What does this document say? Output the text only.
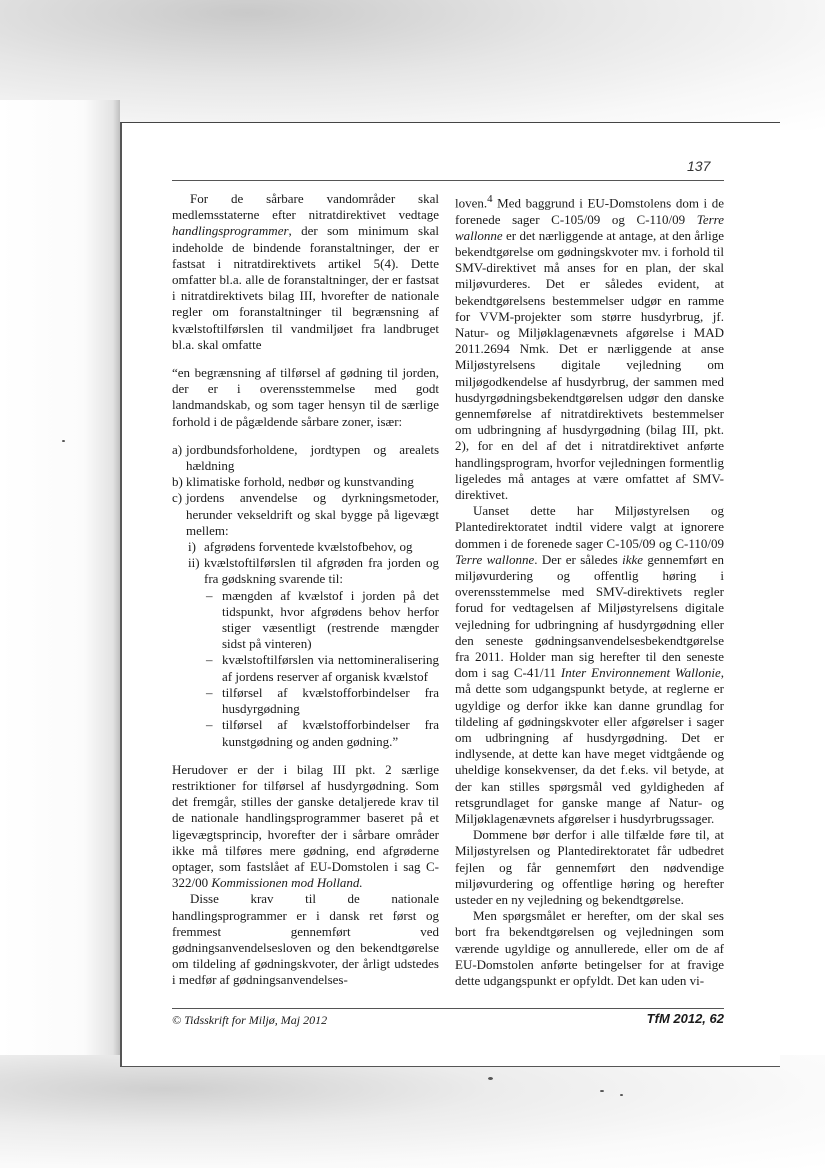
137

For de sårbare vandområder skal medlemsstaterne efter nitratdirektivet vedtage handlingsprogrammer, der som minimum skal indeholde de bindende foranstaltninger, der er fastsat i nitratdirektivets artikel 5(4). Dette omfatter bl.a. alle de foranstaltninger, der er fastsat i nitratdirektivets bilag III, hvorefter de nationale regler om foranstaltninger til begrænsning af kvælstoftilførslen til vandmiljøet fra landbruget bl.a. skal omfatte

“en begrænsning af tilførsel af gødning til jorden, der er i overensstemmelse med godt landmandskab, og som tager hensyn til de særlige forhold i de pågældende sårbare zoner, især:

a) jordbundsforholdene, jordtypen og arealets hældning
b) klimatiske forhold, nedbør og kunstvanding
c) jordens anvendelse og dyrkningsmetoder, herunder vekseldrift og skal bygge på ligevægt mellem:
i) afgrødens forventede kvælstofbehov, og
ii) kvælstoftilførslen til afgrøden fra jorden og fra gødskning svarende til:
– mængden af kvælstof i jorden på det tidspunkt, hvor afgrødens behov herfor stiger væsentligt (restrende mængder sidst på vinteren)
– kvælstoftilførslen via nettomineralisering af jordens reserver af organisk kvælstof
– tilførsel af kvælstofforbindelser fra husdyrgødning
– tilførsel af kvælstofforbindelser fra kunstgødning og anden gødning.”

Herudover er der i bilag III pkt. 2 særlige restriktioner for tilførsel af husdyrgødning. Som det fremgår, stilles der ganske detaljerede krav til de nationale handlingsprogrammer baseret på et ligevægtsprincip, hvorefter der i sårbare områder ikke må tilføres mere gødning, end afgrøderne optager, som fastslået af EU-Domstolen i sag C-322/00 Kommissionen mod Holland.

Disse krav til de nationale handlingsprogrammer er i dansk ret først og fremmest gennemført ved gødningsanvendelsesloven og den bekendtgørelse om tildeling af gødningskvoter, der årligt udstedes i medfør af gødningsanvendelses-

loven.$^4$ Med baggrund i EU-Domstolens dom i de forenede sager C-105/09 og C-110/09 Terre wallonne er det nærliggende at antage, at den årlige bekendtgørelse om gødningskvoter mv. i forhold til SMV-direktivet må anses for en plan, der skal miljøvurderes. Det er således evident, at bekendtgørelsens bestemmelser udgør en ramme for VVM-projekter som større husdyrbrug, jf. Natur- og Miljøklagenævnets afgørelse i MAD 2011.2694 Nmk. Det er nærliggende at anse Miljøstyrelsens digitale vejledning om miljøgodkendelse af husdyrbrug, der sammen med husdyrgødningsbekendtgørelsen udgør den danske gennemførelse af nitratdirektivets bestemmelser om udbringning af husdyrgødning (bilag III, pkt. 2), for en del af det i nitratdirektivet anførte handlingsprogram, hvorfor vejledningen formentlig ligeledes må antages at være omfattet af SMV-direktivet.

Uanset dette har Miljøstyrelsen og Plantedirektoratet indtil videre valgt at ignorere dommen i de forenede sager C-105/09 og C-110/09 Terre wallonne. Der er således ikke gennemført en miljøvurdering og offentlig høring i overensstemmelse med SMV-direktivets regler forud for vedtagelsen af Miljøstyrelsens digitale vejledning for udbringning af husdyrgødning eller den seneste gødningsanvendelsesbekendtgørelse fra 2011. Holder man sig herefter til den seneste dom i sag C-41/11 Inter Environnement Wallonie, må dette som udgangspunkt betyde, at reglerne er ugyldige og derfor ikke kan danne grundlag for tildeling af gødningskvoter eller afgørelser i sager om udbringning af husdyrgødning. Det er indlysende, at dette kan have meget vidtgående og uheldige konsekvenser, da det f.eks. vil betyde, at der kan stilles spørgsmål ved gyldigheden af retsgrundlaget for ganske mange af Natur- og Miljøklagenævnets afgørelser i husdyrbrugssager.

Dommene bør derfor i alle tilfælde føre til, at Miljøstyrelsen og Plantedirektoratet får udbedret fejlen og får gennemført den nødvendige miljøvurdering og offentlige høring og herefter usteder en ny vejledning og bekendtgørelse.

Men spørgsmålet er herefter, om der skal ses bort fra bekendtgørelsen og vejledningen som værende ugyldige og annullerede, eller om de af EU-Domstolen anførte betingelser for at fravige dette udgangspunkt er opfyldt. Det kan uden vi-

© Tidsskrift for Miljø, Maj 2012	TfM 2012, 62
